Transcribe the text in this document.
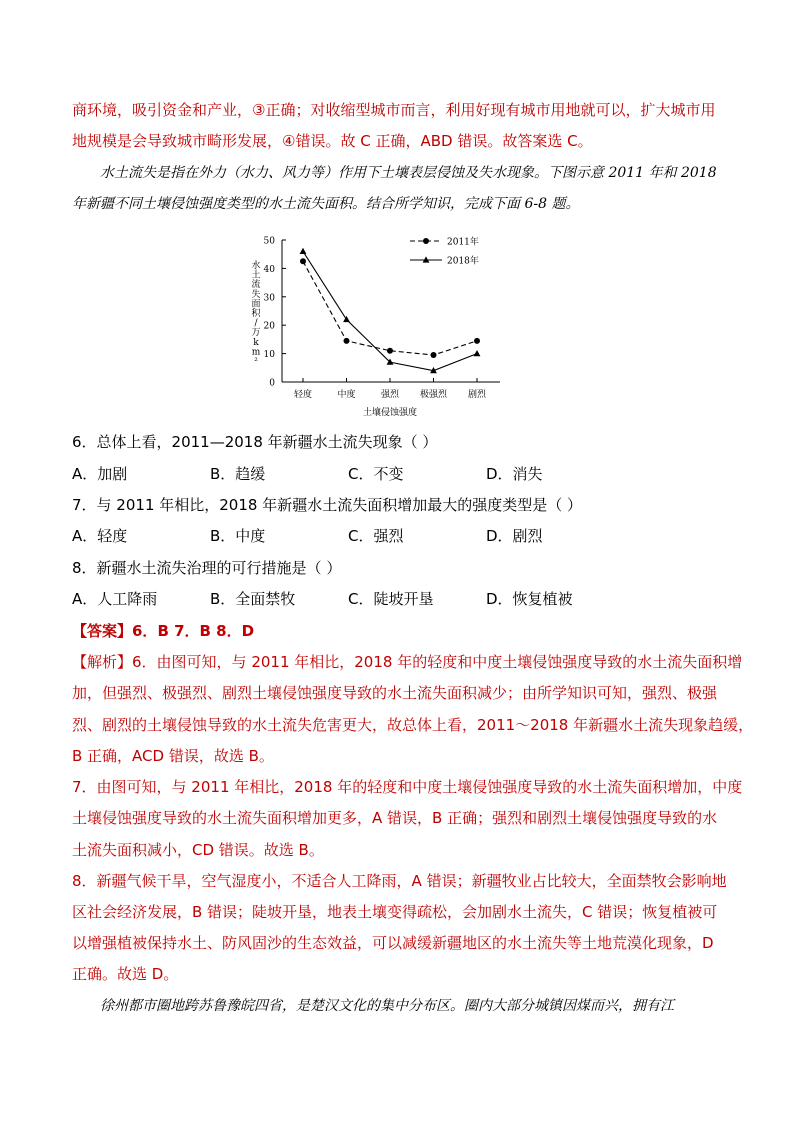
商环境，吸引资金和产业，③正确；对收缩型城市而言，利用好现有城市用地就可以，扩大城市用
地规模是会导致城市畸形发展，④错误。故 C 正确，ABD 错误。故答案选 C。
水土流失是指在外力（水力、风力等）作用下土壤表层侵蚀及失水现象。下图示意 2011 年和 2018
年新疆不同土壤侵蚀强度类型的水土流失面积。结合所学知识，完成下面 6-8 题。
0
10
20
30
40
50
轻度	中度	强烈 极强烈 剧烈
2011年
2018年
水土流失面积/万 k m ²
土壤侵蚀强度
6．总体上看，2011—2018 年新疆水土流失现象（ ）
A．加剧	B．趋缓	C．不变	D．消失
7．与 2011 年相比，2018 年新疆水土流失面积增加最大的强度类型是（ ）
A．轻度	B．中度	C．强烈	D．剧烈
8．新疆水土流失治理的可行措施是（ ）
A．人工降雨	B．全面禁牧	C．陡坡开垦	D．恢复植被
【答案】6．B 7．B 8．D
【解析】6．由图可知，与 2011 年相比，2018 年的轻度和中度土壤侵蚀强度导致的水土流失面积增
加，但强烈、极强烈、剧烈土壤侵蚀强度导致的水土流失面积减少；由所学知识可知，强烈、极强
烈、剧烈的土壤侵蚀导致的水土流失危害更大，故总体上看，2011～2018 年新疆水土流失现象趋缓，
B 正确，ACD 错误，故选 B。
7．由图可知，与 2011 年相比，2018 年的轻度和中度土壤侵蚀强度导致的水土流失面积增加，中度
土壤侵蚀强度导致的水土流失面积增加更多，A 错误，B 正确；强烈和剧烈土壤侵蚀强度导致的水
土流失面积减小，CD 错误。故选 B。
8．新疆气候干旱，空气湿度小，不适合人工降雨，A 错误；新疆牧业占比较大，全面禁牧会影响地
区社会经济发展，B 错误；陡坡开垦，地表土壤变得疏松，会加剧水土流失，C 错误；恢复植被可
以增强植被保持水土、防风固沙的生态效益，可以减缓新疆地区的水土流失等土地荒漠化现象，D
正确。故选 D。
徐州都市圈地跨苏鲁豫皖四省，是楚汉文化的集中分布区。圈内大部分城镇因煤而兴，拥有江
